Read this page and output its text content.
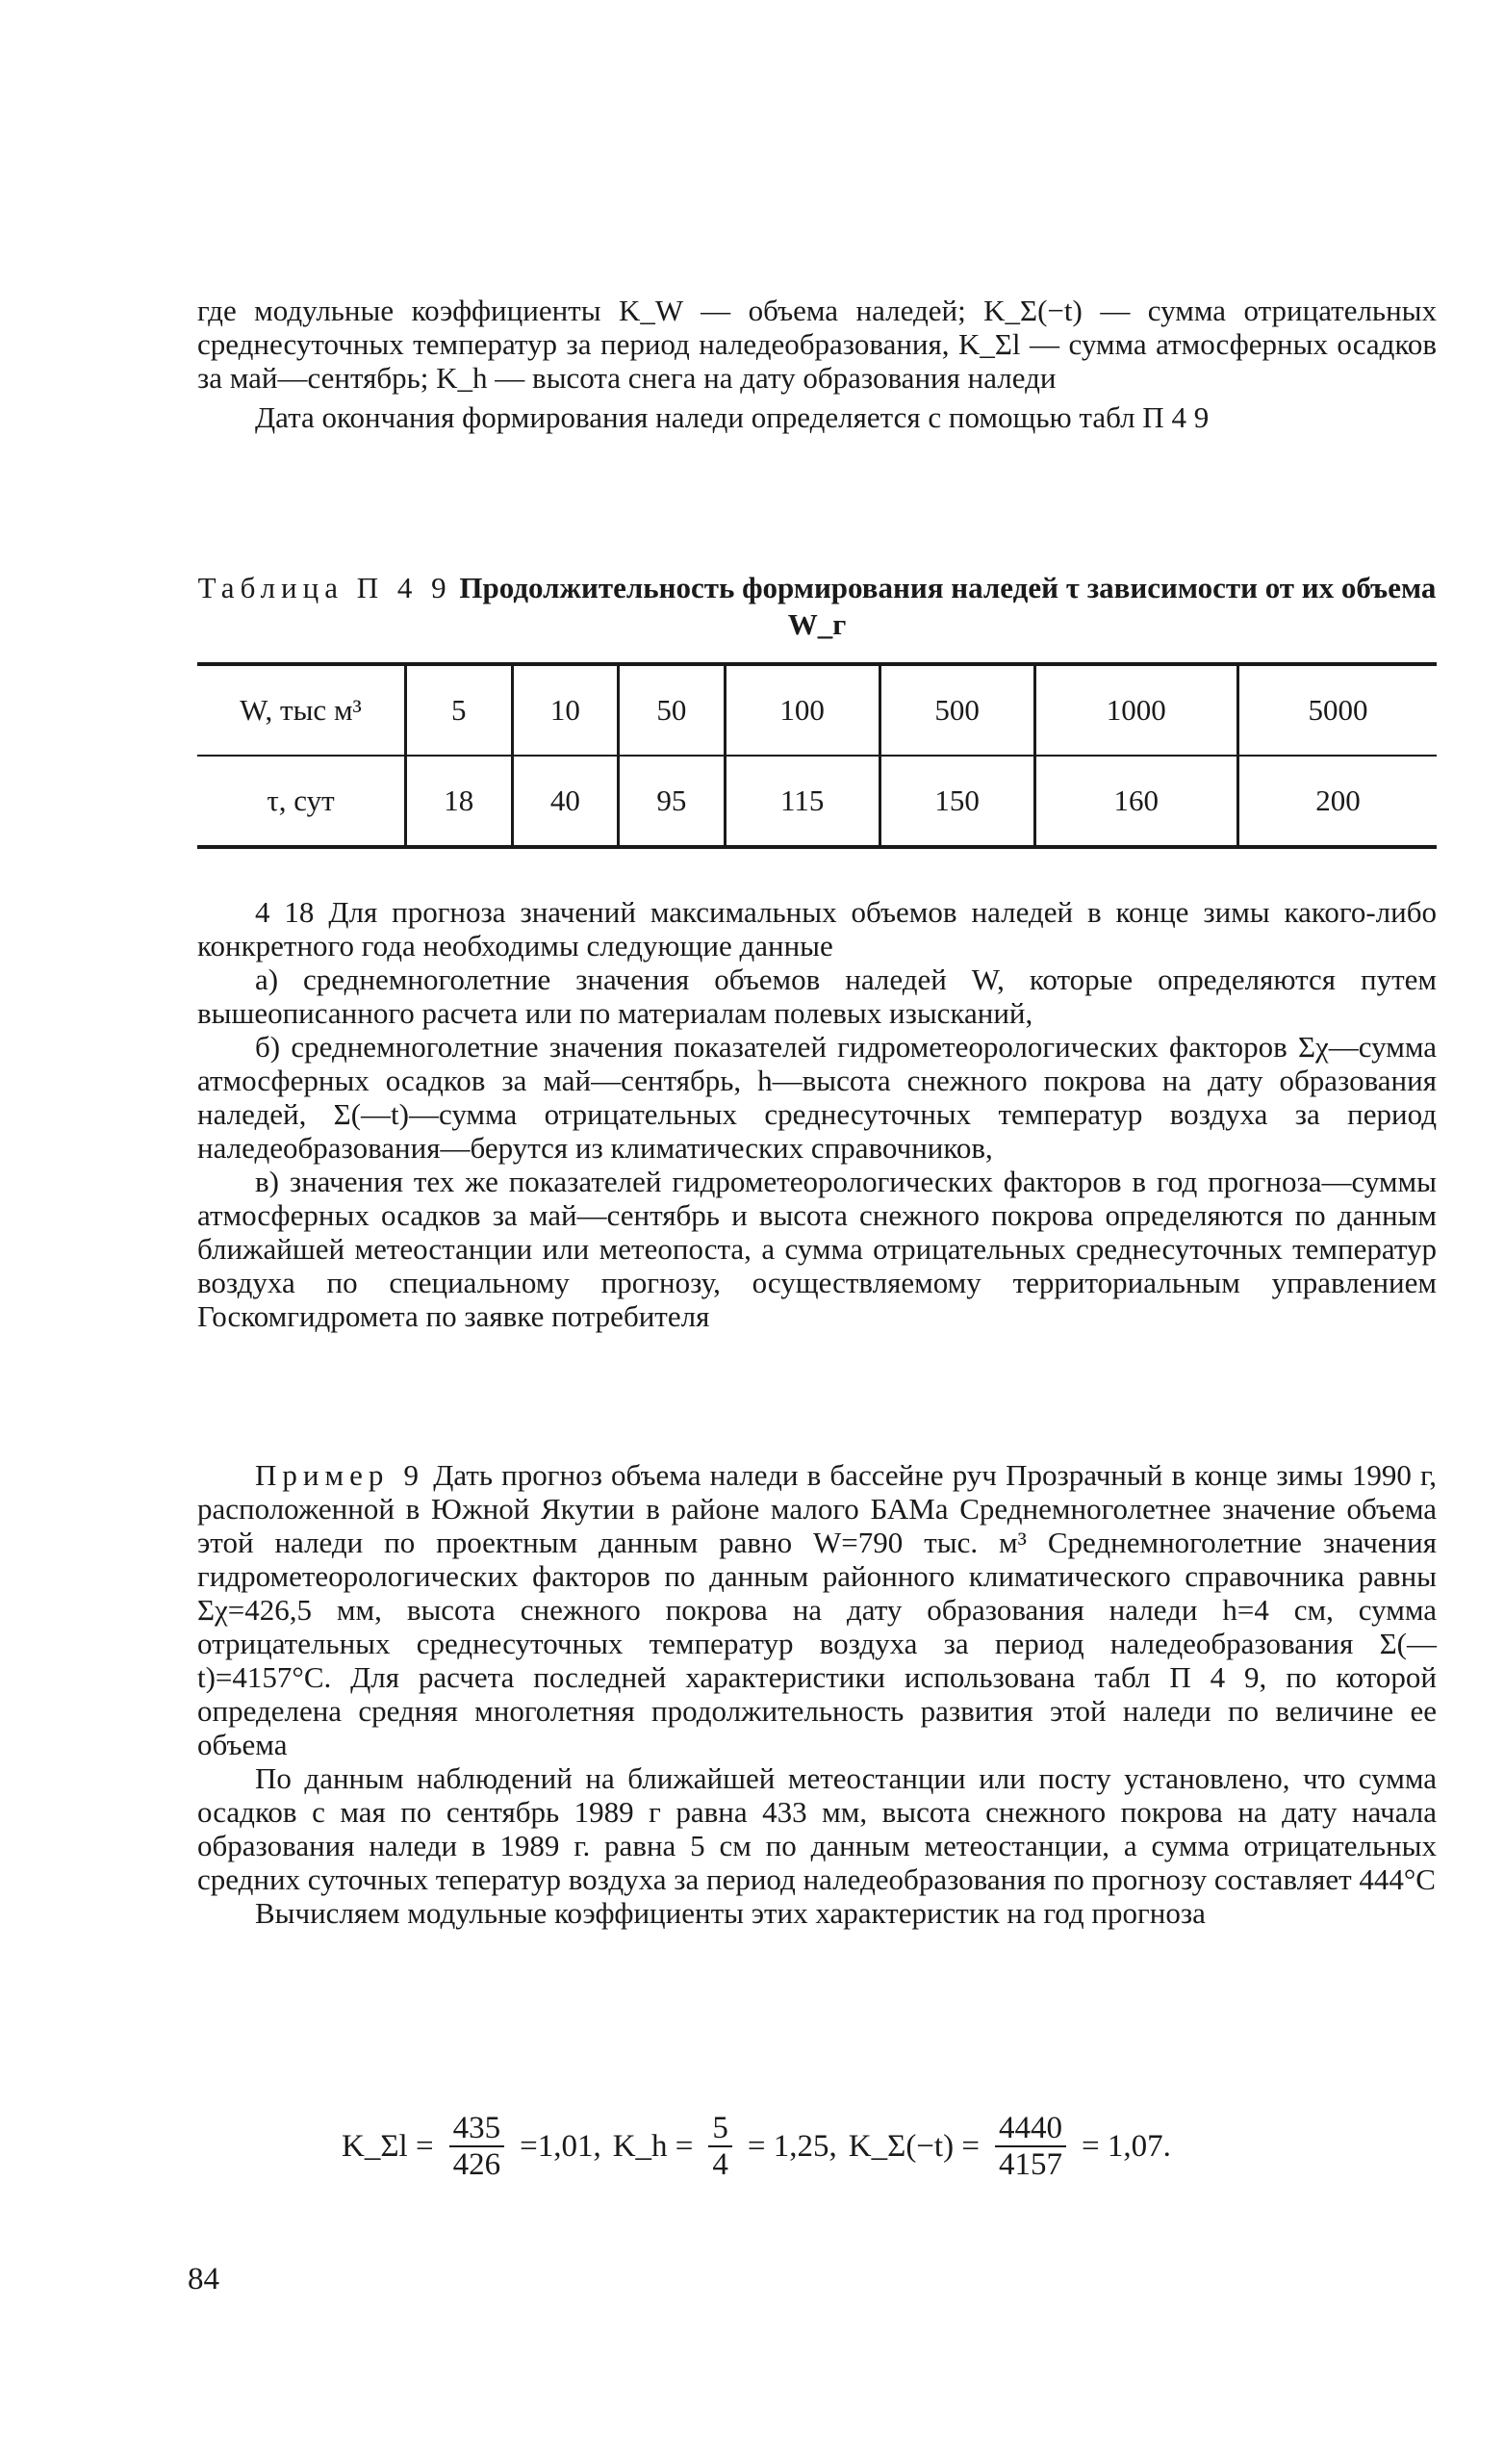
где модульные коэффициенты K_W — объема наледей; K_Σ(−t) — сумма отрицательных среднесуточных температур за период наледеобразования, K_Σl — сумма атмосферных осадков за май—сентябрь; K_h — высота снега на дату образования наледи

Дата окончания формирования наледи определяется с помощью табл П 4 9

Таблица П 4 9 Продолжительность формирования наледей τ зависимости от их объема W_г
W, тыс м³	5	10	50	100	500	1000	5000
τ, сут	18	40	95	115	150	160	200

4 18 Для прогноза значений максимальных объемов наледей в конце зимы какого-либо конкретного года необходимы следующие данные

а) среднемноголетние значения объемов наледей W, которые определяются путем вышеописанного расчета или по материалам полевых изысканий,

б) среднемноголетние значения показателей гидрометеорологических факторов Σχ—сумма атмосферных осадков за май—сентябрь, h—высота снежного покрова на дату образования наледей, Σ(—t)—сумма отрицательных среднесуточных температур воздуха за период наледеобразования—берутся из климатических справочников,

в) значения тех же показателей гидрометеорологических факторов в год прогноза—суммы атмосферных осадков за май—сентябрь и высота снежного покрова определяются по данным ближайшей метеостанции или метеопоста, а сумма отрицательных среднесуточных температур воздуха по специальному прогнозу, осуществляемому территориальным управлением Госкомгидромета по заявке потребителя

Пример 9 Дать прогноз объема наледи в бассейне руч Прозрачный в конце зимы 1990 г, расположенной в Южной Якутии в районе малого БАМа Среднемноголетнее значение объема этой наледи по проектным данным равно W=790 тыс. м³ Среднемноголетние значения гидрометеорологических факторов по данным районного климатического справочника равны Σχ=426,5 мм, высота снежного покрова на дату образования наледи h=4 см, сумма отрицательных среднесуточных температур воздуха за период наледеобразования Σ(—t)=4157°С. Для расчета последней характеристики использована табл П 4 9, по которой определена средняя многолетняя продолжительность развития этой наледи по величине ее объема

По данным наблюдений на ближайшей метеостанции или посту установлено, что сумма осадков с мая по сентябрь 1989 г равна 433 мм, высота снежного покрова на дату начала образования наледи в 1989 г. равна 5 см по данным метеостанции, а сумма отрицательных средних суточных теператур воздуха за период наледеобразования по прогнозу составляет 444°С

Вычисляем модульные коэффициенты этих характеристик на год прогноза

K_Σl = $\frac{435}{426} =1,01$, K_h = $\frac{5}{4} = 1,25$, K_Σ(−t) = $\frac{4440}{4157} = 1,07$.
84
